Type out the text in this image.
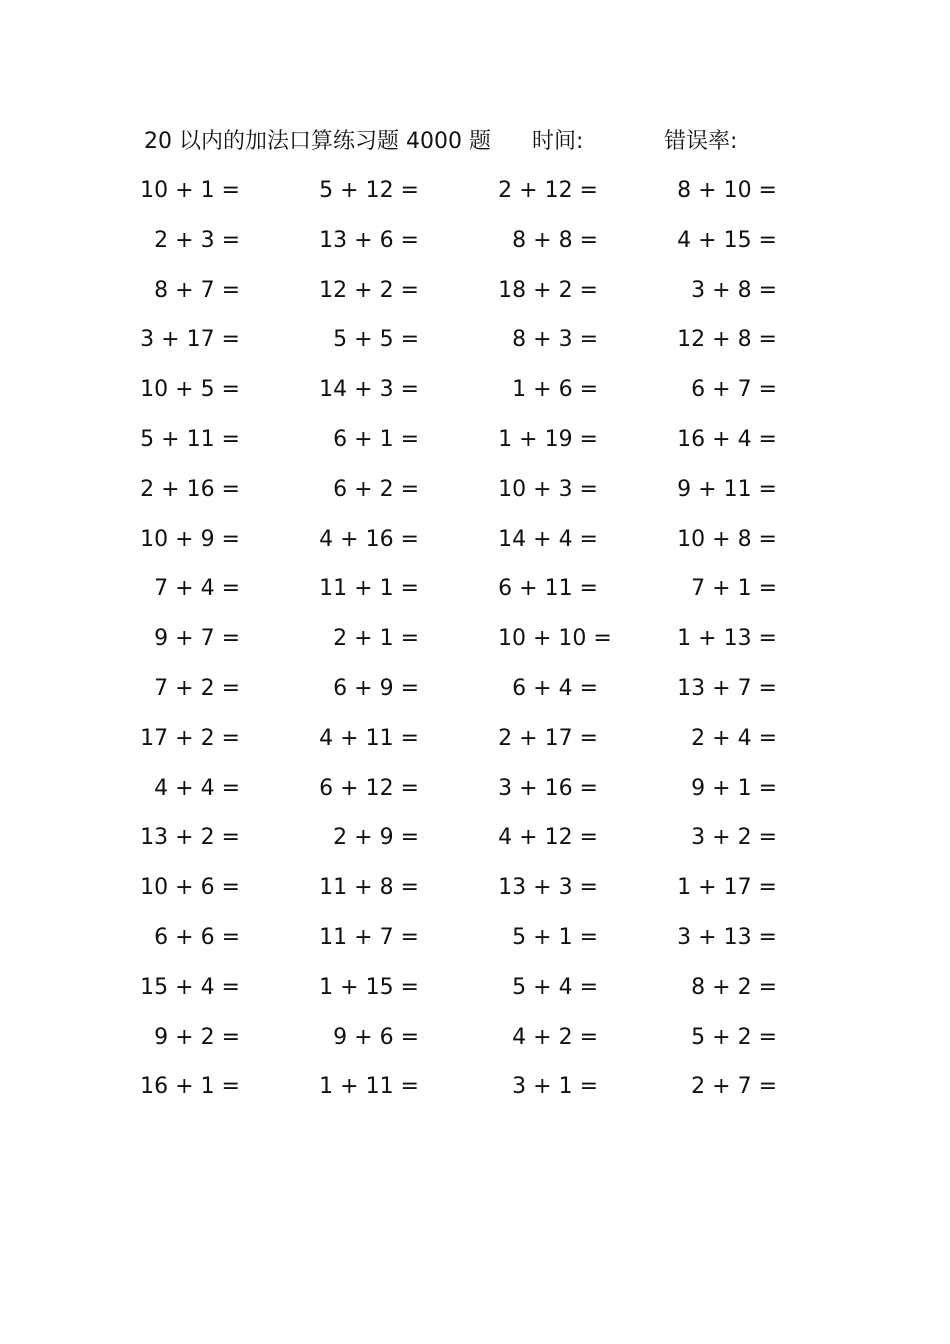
20 以内的加法口算练习题 4000 题 时间:	错误率:
10 + 1 =	5 + 12 =	2 + 12 =	8 + 10 =
2 + 3 =	13 + 6 =	8 + 8 =	4 + 15 =
8 + 7 =	12 + 2 =	18 + 2 =	3 + 8 =
3 + 17 =	5 + 5 =	8 + 3 =	12 + 8 =
10 + 5 =	14 + 3 =	1 + 6 =	6 + 7 =
5 + 11 =	6 + 1 =	1 + 19 =	16 + 4 =
2 + 16 =	6 + 2 =	10 + 3 =	9 + 11 =
10 + 9 =	4 + 16 =	14 + 4 =	10 + 8 =
7 + 4 =	11 + 1 =	6 + 11 =	7 + 1 =
9 + 7 =	2 + 1 =	10 + 10 =	1 + 13 =
7 + 2 =	6 + 9 =	6 + 4 =	13 + 7 =
17 + 2 =	4 + 11 =	2 + 17 =	2 + 4 =
4 + 4 =	6 + 12 =	3 + 16 =	9 + 1 =
13 + 2 =	2 + 9 =	4 + 12 =	3 + 2 =
10 + 6 =	11 + 8 =	13 + 3 =	1 + 17 =
6 + 6 =	11 + 7 =	5 + 1 =	3 + 13 =
15 + 4 =	1 + 15 =	5 + 4 =	8 + 2 =
9 + 2 =	9 + 6 =	4 + 2 =	5 + 2 =
16 + 1 =	1 + 11 =	3 + 1 =	2 + 7 =
